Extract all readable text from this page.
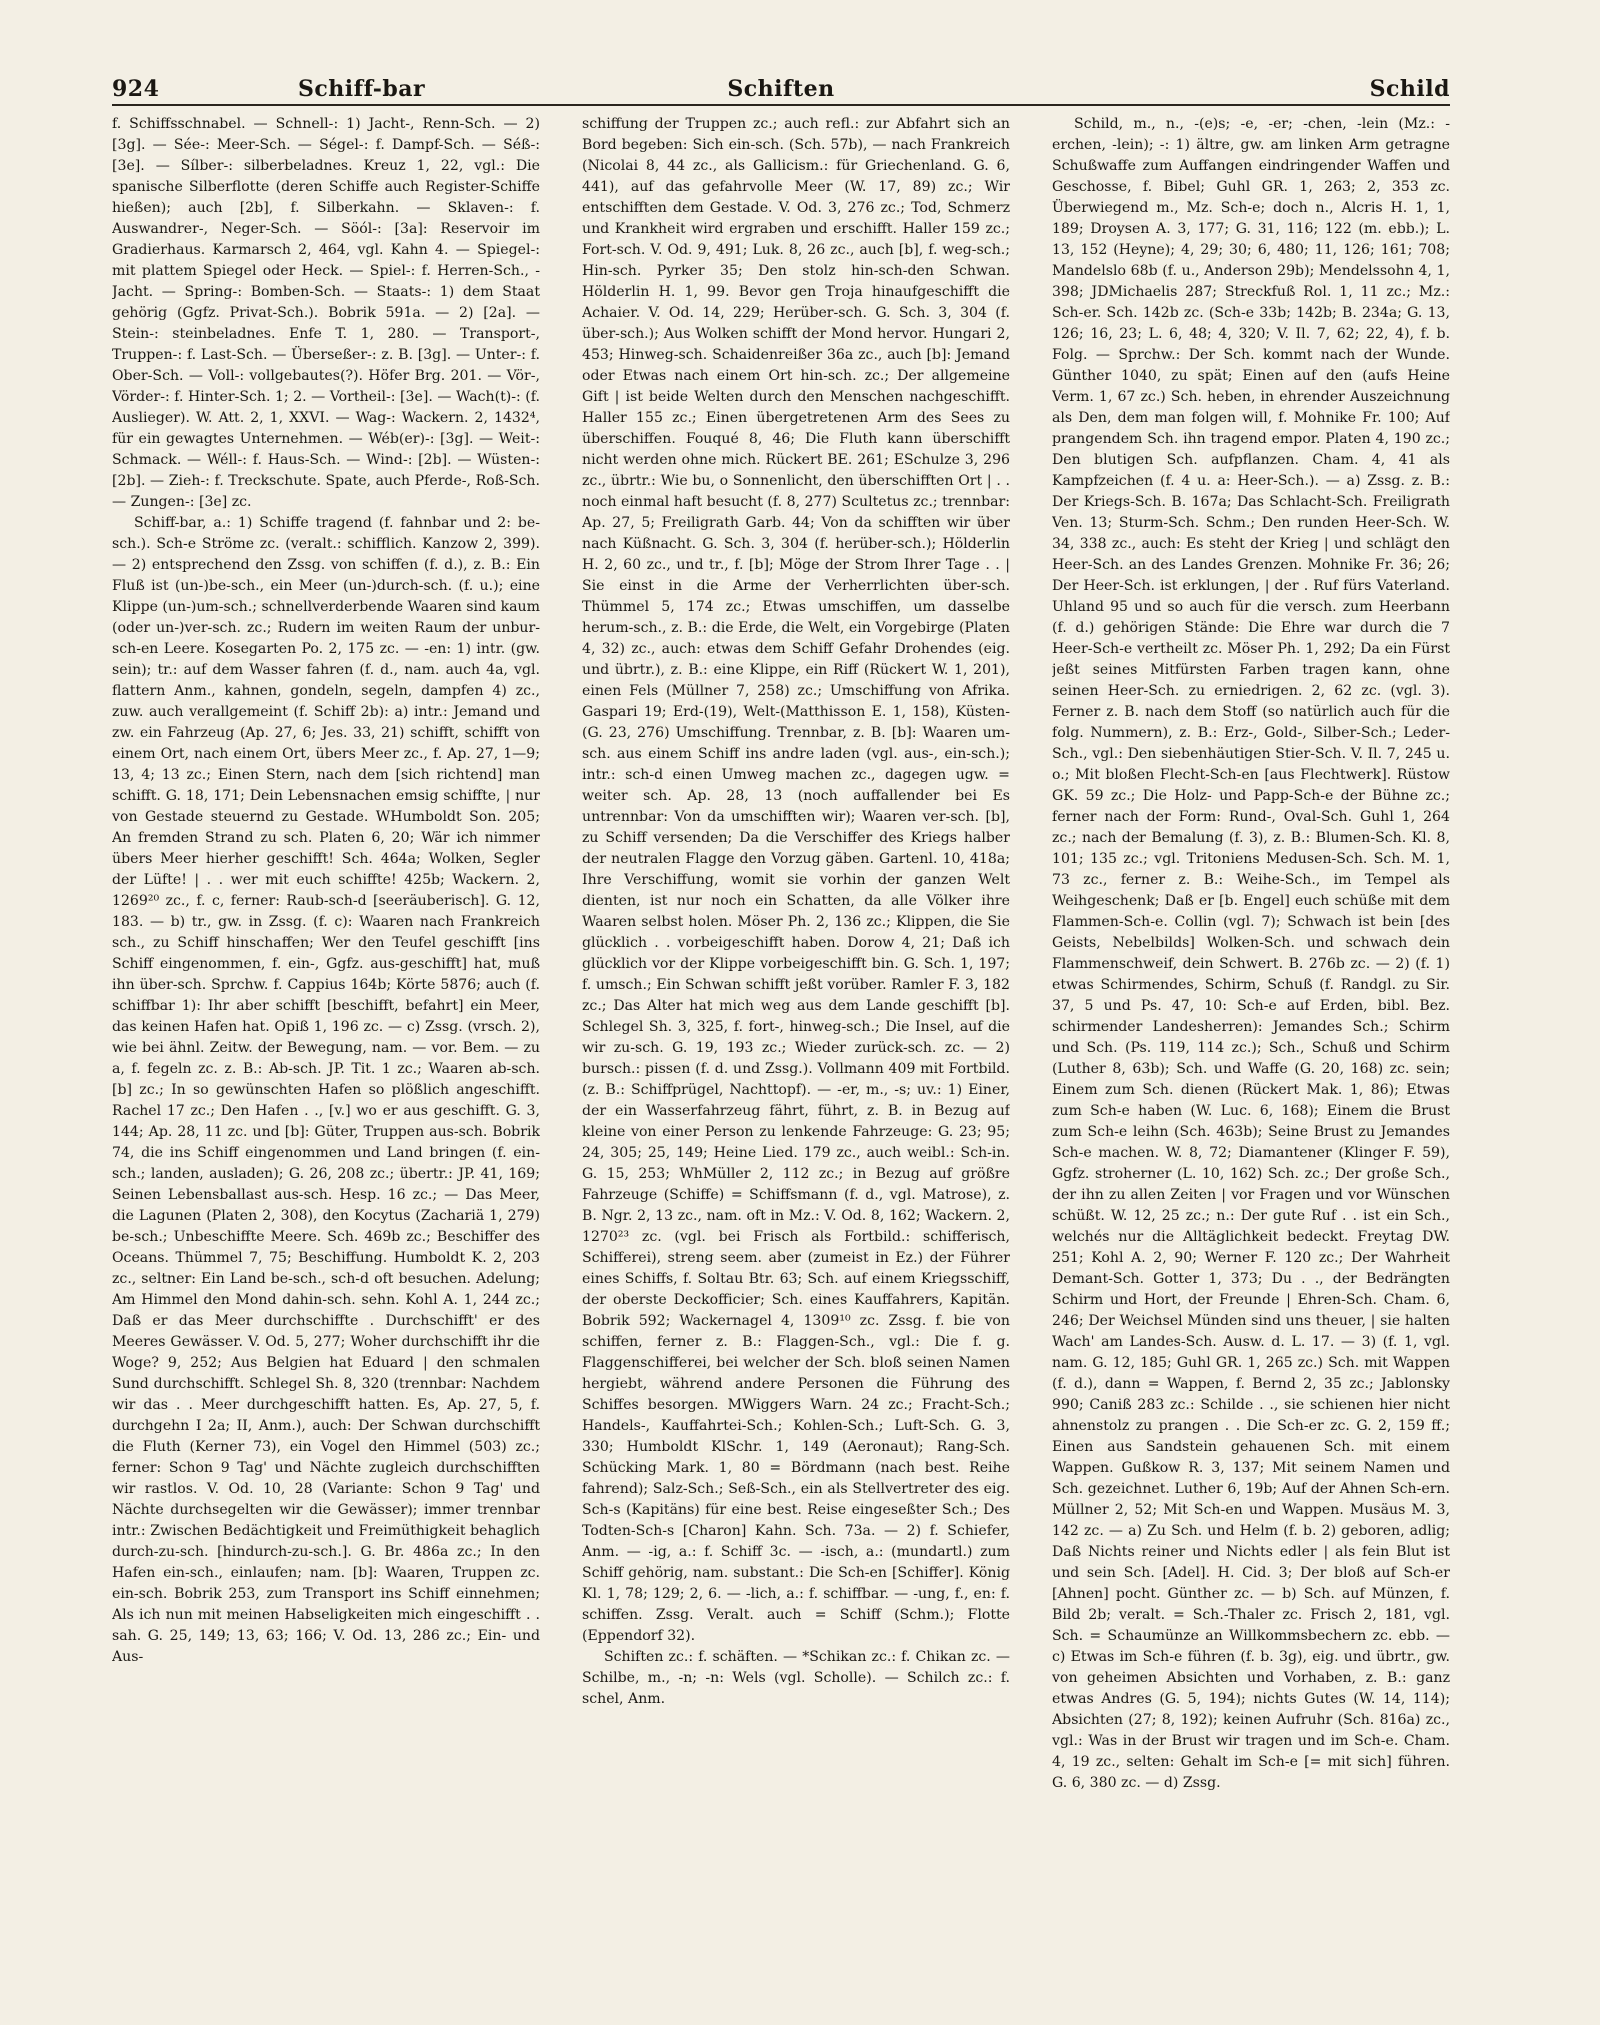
924	Schiff-bar	Schiften	Schild

f. Schiffsschnabel. — Schnell-: 1) Jacht-, Renn-Sch. — 2) [3g]. — Sée-: Meer-Sch. — Ségel-: f. Dampf-Sch. — Séß-: [3e]. — Sílber-: silberbeladnes. Kreuz 1, 22, vgl.: Die spanische Silberflotte (deren Schiffe auch Register-Schiffe hießen); auch [2b], f. Silberkahn. — Sklaven-: f. Auswandrer-, Neger-Sch. — Söól-: [3a]: Reservoir im Gradierhaus. Karmarsch 2, 464, vgl. Kahn 4. — Spiegel-: mit plattem Spiegel oder Heck. — Spiel-: f. Herren-Sch., -Jacht. — Spring-: Bomben-Sch. — Staats-: 1) dem Staat gehörig (Ggfz. Privat-Sch.). Bobrik 591a. — 2) [2a]. — Stein-: steinbeladnes. Enfe T. 1, 280. — Transport-, Truppen-: f. Last-Sch. — Überseßer-: z. B. [3g]. — Unter-: f. Ober-Sch. — Voll-: vollgebautes(?). Höfer Brg. 201. — Vör-, Vörder-: f. Hinter-Sch. 1; 2. — Vortheil-: [3e]. — Wach(t)-: (f. Auslieger). W. Att. 2, 1, XXVI. — Wag-: Wackern. 2, 1432⁴, für ein gewagtes Unternehmen. — Wéb(er)-: [3g]. — Weit-: Schmack. — Wéll-: f. Haus-Sch. — Wind-: [2b]. — Wüsten-: [2b]. — Zieh-: f. Treckschute. Spate, auch Pferde-, Roß-Sch. — Zungen-: [3e] zc.

Schiff-bar, a.: 1) Schiffe tragend (f. fahnbar und 2: be-sch.). Sch-e Ströme zc. (veralt.: schifflich. Kanzow 2, 399). — 2) entsprechend den Zssg. von schiffen (f. d.), z. B.: Ein Fluß ist (un-)be-sch., ein Meer (un-)durch-sch. (f. u.); eine Klippe (un-)um-sch.; schnellverderbende Waaren sind kaum (oder un-)ver-sch. zc.; Rudern im weiten Raum der unbur-sch-en Leere. Kosegarten Po. 2, 175 zc. — -en: 1) intr. (gw. sein); tr.: auf dem Wasser fahren (f. d., nam. auch 4a, vgl. flattern Anm., kahnen, gondeln, segeln, dampfen 4) zc., zuw. auch verallgemeint (f. Schiff 2b): a) intr.: Jemand und zw. ein Fahrzeug (Ap. 27, 6; Jes. 33, 21) schifft, schifft von einem Ort, nach einem Ort, übers Meer zc., f. Ap. 27, 1—9; 13, 4; 13 zc.; Einen Stern, nach dem [sich richtend] man schifft. G. 18, 171; Dein Lebensnachen emsig schiffte, | nur von Gestade steuernd zu Gestade. WHumboldt Son. 205; An fremden Strand zu sch. Platen 6, 20; Wär ich nimmer übers Meer hierher geschifft! Sch. 464a; Wolken, Segler der Lüfte! | . . wer mit euch schiffte! 425b; Wackern. 2, 1269²⁰ zc., f. c, ferner: Raub-sch-d [seeräuberisch]. G. 12, 183. — b) tr., gw. in Zssg. (f. c): Waaren nach Frankreich sch., zu Schiff hinschaffen; Wer den Teufel geschifft [ins Schiff eingenommen, f. ein-, Ggfz. aus-geschifft] hat, muß ihn über-sch. Sprchw. f. Cappius 164b; Körte 5876; auch (f. schiffbar 1): Ihr aber schifft [beschifft, befahrt] ein Meer, das keinen Hafen hat. Opiß 1, 196 zc. — c) Zssg. (vrsch. 2), wie bei ähnl. Zeitw. der Bewegung, nam. — vor. Bem. — zu a, f. fegeln zc. z. B.: Ab-sch. JP. Tit. 1 zc.; Waaren ab-sch. [b] zc.; In so gewünschten Hafen so plößlich angeschifft. Rachel 17 zc.; Den Hafen . ., [v.] wo er aus geschifft. G. 3, 144; Ap. 28, 11 zc. und [b]: Güter, Truppen aus-sch. Bobrik 74, die ins Schiff eingenommen und Land bringen (f. ein-sch.; landen, ausladen); G. 26, 208 zc.; übertr.: JP. 41, 169; Seinen Lebensballast aus-sch. Hesp. 16 zc.; — Das Meer, die Lagunen (Platen 2, 308), den Kocytus (Zachariä 1, 279) be-sch.; Unbeschiffte Meere. Sch. 469b zc.; Beschiffer des Oceans. Thümmel 7, 75; Beschiffung. Humboldt K. 2, 203 zc., seltner: Ein Land be-sch., sch-d oft besuchen. Adelung; Am Himmel den Mond dahin-sch. sehn. Kohl A. 1, 244 zc.; Daß er das Meer durchschiffte . Durchschifft' er des Meeres Gewässer. V. Od. 5, 277; Woher durchschifft ihr die Woge? 9, 252; Aus Belgien hat Eduard | den schmalen Sund durchschifft. Schlegel Sh. 8, 320 (trennbar: Nachdem wir das . . Meer durchgeschifft hatten. Es, Ap. 27, 5, f. durchgehn I 2a; II, Anm.), auch: Der Schwan durchschifft die Fluth (Kerner 73), ein Vogel den Himmel (503) zc.; ferner: Schon 9 Tag' und Nächte zugleich durchschifften wir rastlos. V. Od. 10, 28 (Variante: Schon 9 Tag' und Nächte durchsegelten wir die Gewässer); immer trennbar intr.: Zwischen Bedächtigkeit und Freimüthigkeit behaglich durch-zu-sch. [hindurch-zu-sch.]. G. Br. 486a zc.; In den Hafen ein-sch., einlaufen; nam. [b]: Waaren, Truppen zc. ein-sch. Bobrik 253, zum Transport ins Schiff einnehmen; Als ich nun mit meinen Habseligkeiten mich eingeschifft . . sah. G. 25, 149; 13, 63; 166; V. Od. 13, 286 zc.; Ein- und Aus-

schiffung der Truppen zc.; auch refl.: zur Abfahrt sich an Bord begeben: Sich ein-sch. (Sch. 57b), — nach Frankreich (Nicolai 8, 44 zc., als Gallicism.: für Griechenland. G. 6, 441), auf das gefahrvolle Meer (W. 17, 89) zc.; Wir entschifften dem Gestade. V. Od. 3, 276 zc.; Tod, Schmerz und Krankheit wird ergraben und erschifft. Haller 159 zc.; Fort-sch. V. Od. 9, 491; Luk. 8, 26 zc., auch [b], f. weg-sch.; Hin-sch. Pyrker 35; Den stolz hin-sch-den Schwan. Hölderlin H. 1, 99. Bevor gen Troja hinaufgeschifft die Achaier. V. Od. 14, 229; Herüber-sch. G. Sch. 3, 304 (f. über-sch.); Aus Wolken schifft der Mond hervor. Hungari 2, 453; Hinweg-sch. Schaidenreißer 36a zc., auch [b]: Jemand oder Etwas nach einem Ort hin-sch. zc.; Der allgemeine Gift | ist beide Welten durch den Menschen nachgeschifft. Haller 155 zc.; Einen übergetretenen Arm des Sees zu überschiffen. Fouqué 8, 46; Die Fluth kann überschifft nicht werden ohne mich. Rückert BE. 261; ESchulze 3, 296 zc., übrtr.: Wie bu, o Sonnenlicht, den überschifften Ort | . . noch einmal haft besucht (f. 8, 277) Scultetus zc.; trennbar: Ap. 27, 5; Freiligrath Garb. 44; Von da schifften wir über nach Küßnacht. G. Sch. 3, 304 (f. herüber-sch.); Hölderlin H. 2, 60 zc., und tr., f. [b]; Möge der Strom Ihrer Tage . . | Sie einst in die Arme der Verherrlichten über-sch. Thümmel 5, 174 zc.; Etwas umschiffen, um dasselbe herum-sch., z. B.: die Erde, die Welt, ein Vorgebirge (Platen 4, 32) zc., auch: etwas dem Schiff Gefahr Drohendes (eig. und übrtr.), z. B.: eine Klippe, ein Riff (Rückert W. 1, 201), einen Fels (Müllner 7, 258) zc.; Umschiffung von Afrika. Gaspari 19; Erd-(19), Welt-(Matthisson E. 1, 158), Küsten-(G. 23, 276) Umschiffung. Trennbar, z. B. [b]: Waaren um-sch. aus einem Schiff ins andre laden (vgl. aus-, ein-sch.); intr.: sch-d einen Umweg machen zc., dagegen ugw. = weiter sch. Ap. 28, 13 (noch auffallender bei Es untrennbar: Von da umschifften wir); Waaren ver-sch. [b], zu Schiff versenden; Da die Verschiffer des Kriegs halber der neutralen Flagge den Vorzug gäben. Gartenl. 10, 418a; Ihre Verschiffung, womit sie vorhin der ganzen Welt dienten, ist nur noch ein Schatten, da alle Völker ihre Waaren selbst holen. Möser Ph. 2, 136 zc.; Klippen, die Sie glücklich . . vorbeigeschifft haben. Dorow 4, 21; Daß ich glücklich vor der Klippe vorbeigeschifft bin. G. Sch. 1, 197; f. umsch.; Ein Schwan schifft jeßt vorüber. Ramler F. 3, 182 zc.; Das Alter hat mich weg aus dem Lande geschifft [b]. Schlegel Sh. 3, 325, f. fort-, hinweg-sch.; Die Insel, auf die wir zu-sch. G. 19, 193 zc.; Wieder zurück-sch. zc. — 2) bursch.: pissen (f. d. und Zssg.). Vollmann 409 mit Fortbild. (z. B.: Schiffprügel, Nachttopf). — -er, m., -s; uv.: 1) Einer, der ein Wasserfahrzeug fährt, führt, z. B. in Bezug auf kleine von einer Person zu lenkende Fahrzeuge: G. 23; 95; 24, 305; 25, 149; Heine Lied. 179 zc., auch weibl.: Sch-in. G. 15, 253; WhMüller 2, 112 zc.; in Bezug auf größre Fahrzeuge (Schiffe) = Schiffsmann (f. d., vgl. Matrose), z. B. Ngr. 2, 13 zc., nam. oft in Mz.: V. Od. 8, 162; Wackern. 2, 1270²³ zc. (vgl. bei Frisch als Fortbild.: schifferisch, Schifferei), streng seem. aber (zumeist in Ez.) der Führer eines Schiffs, f. Soltau Btr. 63; Sch. auf einem Kriegsschiff, der oberste Deckofficier; Sch. eines Kauffahrers, Kapitän. Bobrik 592; Wackernagel 4, 1309¹⁰ zc. Zssg. f. bie von schiffen, ferner z. B.: Flaggen-Sch., vgl.: Die f. g. Flaggenschifferei, bei welcher der Sch. bloß seinen Namen hergiebt, während andere Personen die Führung des Schiffes besorgen. MWiggers Warn. 24 zc.; Fracht-Sch.; Handels-, Kauffahrtei-Sch.; Kohlen-Sch.; Luft-Sch. G. 3, 330; Humboldt KlSchr. 1, 149 (Aeronaut); Rang-Sch. Schücking Mark. 1, 80 = Bördmann (nach best. Reihe fahrend); Salz-Sch.; Seß-Sch., ein als Stellvertreter des eig. Sch-s (Kapitäns) für eine best. Reise eingeseßter Sch.; Des Todten-Sch-s [Charon] Kahn. Sch. 73a. — 2) f. Schiefer, Anm. — -ig, a.: f. Schiff 3c. — -isch, a.: (mundartl.) zum Schiff gehörig, nam. substant.: Die Sch-en [Schiffer]. König Kl. 1, 78; 129; 2, 6. — -lich, a.: f. schiffbar. — -ung, f., en: f. schiffen. Zssg. Veralt. auch = Schiff (Schm.); Flotte (Eppendorf 32).

Schiften zc.: f. schäften. — *Schikan zc.: f. Chikan zc. — Schilbe, m., -n; -n: Wels (vgl. Scholle). — Schilch zc.: f. schel, Anm.

Schild, m., n., -(e)s; -e, -er; -chen, -lein (Mz.: -erchen, -lein); -: 1) ältre, gw. am linken Arm getragne Schußwaffe zum Auffangen eindringender Waffen und Geschosse, f. Bibel; Guhl GR. 1, 263; 2, 353 zc. Überwiegend m., Mz. Sch-e; doch n., Alcris H. 1, 1, 189; Droysen A. 3, 177; G. 31, 116; 122 (m. ebb.); L. 13, 152 (Heyne); 4, 29; 30; 6, 480; 11, 126; 161; 708; Mandelslo 68b (f. u., Anderson 29b); Mendelssohn 4, 1, 398; JDMichaelis 287; Streckfuß Rol. 1, 11 zc.; Mz.: Sch-er. Sch. 142b zc. (Sch-e 33b; 142b; B. 234a; G. 13, 126; 16, 23; L. 6, 48; 4, 320; V. Il. 7, 62; 22, 4), f. b. Folg. — Sprchw.: Der Sch. kommt nach der Wunde. Günther 1040, zu spät; Einen auf den (aufs Heine Verm. 1, 67 zc.) Sch. heben, in ehrender Auszeichnung als Den, dem man folgen will, f. Mohnike Fr. 100; Auf prangendem Sch. ihn tragend empor. Platen 4, 190 zc.; Den blutigen Sch. aufpflanzen. Cham. 4, 41 als Kampfzeichen (f. 4 u. a: Heer-Sch.). — a) Zssg. z. B.: Der Kriegs-Sch. B. 167a; Das Schlacht-Sch. Freiligrath Ven. 13; Sturm-Sch. Schm.; Den runden Heer-Sch. W. 34, 338 zc., auch: Es steht der Krieg | und schlägt den Heer-Sch. an des Landes Grenzen. Mohnike Fr. 36; 26; Der Heer-Sch. ist erklungen, | der . Ruf fürs Vaterland. Uhland 95 und so auch für die versch. zum Heerbann (f. d.) gehörigen Stände: Die Ehre war durch die 7 Heer-Sch-e vertheilt zc. Möser Ph. 1, 292; Da ein Fürst jeßt seines Mitfürsten Farben tragen kann, ohne seinen Heer-Sch. zu erniedrigen. 2, 62 zc. (vgl. 3). Ferner z. B. nach dem Stoff (so natürlich auch für die folg. Nummern), z. B.: Erz-, Gold-, Silber-Sch.; Leder-Sch., vgl.: Den siebenhäutigen Stier-Sch. V. Il. 7, 245 u. o.; Mit bloßen Flecht-Sch-en [aus Flechtwerk]. Rüstow GK. 59 zc.; Die Holz- und Papp-Sch-e der Bühne zc.; ferner nach der Form: Rund-, Oval-Sch. Guhl 1, 264 zc.; nach der Bemalung (f. 3), z. B.: Blumen-Sch. Kl. 8, 101; 135 zc.; vgl. Tritoniens Medusen-Sch. Sch. M. 1, 73 zc., ferner z. B.: Weihe-Sch., im Tempel als Weihgeschenk; Daß er [b. Engel] euch schüße mit dem Flammen-Sch-e. Collin (vgl. 7); Schwach ist bein [des Geists, Nebelbilds] Wolken-Sch. und schwach dein Flammenschweif, dein Schwert. B. 276b zc. — 2) (f. 1) etwas Schirmendes, Schirm, Schuß (f. Randgl. zu Sir. 37, 5 und Ps. 47, 10: Sch-e auf Erden, bibl. Bez. schirmender Landesherren): Jemandes Sch.; Schirm und Sch. (Ps. 119, 114 zc.); Sch., Schuß und Schirm (Luther 8, 63b); Sch. und Waffe (G. 20, 168) zc. sein; Einem zum Sch. dienen (Rückert Mak. 1, 86); Etwas zum Sch-e haben (W. Luc. 6, 168); Einem die Brust zum Sch-e leihn (Sch. 463b); Seine Brust zu Jemandes Sch-e machen. W. 8, 72; Diamantener (Klinger F. 59), Ggfz. stroherner (L. 10, 162) Sch. zc.; Der große Sch., der ihn zu allen Zeiten | vor Fragen und vor Wünschen schüßt. W. 12, 25 zc.; n.: Der gute Ruf . . ist ein Sch., welchés nur die Alltäglichkeit bedeckt. Freytag DW. 251; Kohl A. 2, 90; Werner F. 120 zc.; Der Wahrheit Demant-Sch. Gotter 1, 373; Du . ., der Bedrängten Schirm und Hort, der Freunde | Ehren-Sch. Cham. 6, 246; Der Weichsel Münden sind uns theuer, | sie halten Wach' am Landes-Sch. Ausw. d. L. 17. — 3) (f. 1, vgl. nam. G. 12, 185; Guhl GR. 1, 265 zc.) Sch. mit Wappen (f. d.), dann = Wappen, f. Bernd 2, 35 zc.; Jablonsky 990; Caniß 283 zc.: Schilde . ., sie schienen hier nicht ahnenstolz zu prangen . . Die Sch-er zc. G. 2, 159 ff.; Einen aus Sandstein gehauenen Sch. mit einem Wappen. Gußkow R. 3, 137; Mit seinem Namen und Sch. gezeichnet. Luther 6, 19b; Auf der Ahnen Sch-ern. Müllner 2, 52; Mit Sch-en und Wappen. Musäus M. 3, 142 zc. — a) Zu Sch. und Helm (f. b. 2) geboren, adlig; Daß Nichts reiner und Nichts edler | als fein Blut ist und sein Sch. [Adel]. H. Cid. 3; Der bloß auf Sch-er [Ahnen] pocht. Günther zc. — b) Sch. auf Münzen, f. Bild 2b; veralt. = Sch.-Thaler zc. Frisch 2, 181, vgl. Sch. = Schaumünze an Willkommsbechern zc. ebb. — c) Etwas im Sch-e führen (f. b. 3g), eig. und übrtr., gw. von geheimen Absichten und Vorhaben, z. B.: ganz etwas Andres (G. 5, 194); nichts Gutes (W. 14, 114); Absichten (27; 8, 192); keinen Aufruhr (Sch. 816a) zc., vgl.: Was in der Brust wir tragen und im Sch-e. Cham. 4, 19 zc., selten: Gehalt im Sch-e [= mit sich] führen. G. 6, 380 zc. — d) Zssg.
